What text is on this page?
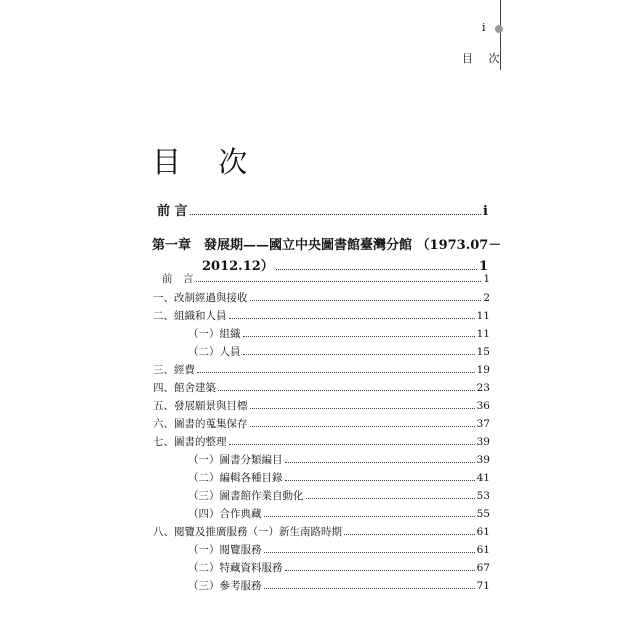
i
目 次
目 次
前 言	i
第一章　發展期——國立中央圖書館臺灣分館 （1973.07－
2012.12）	1
前　言	1
一、改制經過與接收	2
二、組織和人員	11
（一）組織	11
（二）人員	15
三、經費	19
四、館舍建築	23
五、發展願景與目標	36
六、圖書的蒐集保存	37
七、圖書的整理	39
（一）圖書分類編目	39
（二）編輯各種目錄	41
（三）圖書館作業自動化	53
（四）合作典藏	55
八、閱覽及推廣服務（一）新生南路時期	61
（一）閱覽服務	61
（二）特藏資料服務	67
（三）參考服務	71
